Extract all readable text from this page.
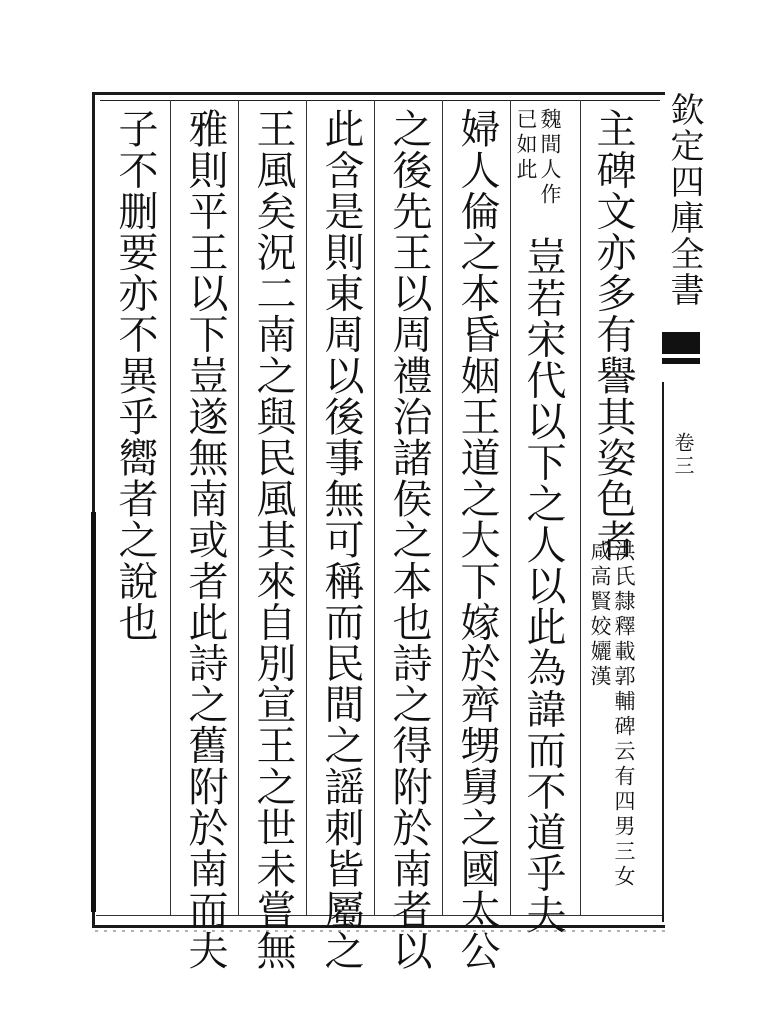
欽定四庫全書
卷三
主碑文亦多有譽其姿色者
洪氏隸釋載郭輔碑云有四男三女咸高賢姣孋漢
魏間人作已如此
豈若宋代以下之人以此為諱而不道乎夫
婦人倫之本昏姻王道之大下嫁於齊甥舅之國太公
之後先王以周禮治諸侯之本也詩之得附於南者以
此含是則東周以後事無可稱而民間之謡刺皆屬之
王風矣況二南之與民風其來自別宣王之世未嘗無
雅則平王以下豈遂無南或者此詩之舊附於南而夫
子不删要亦不異乎嚮者之說也
